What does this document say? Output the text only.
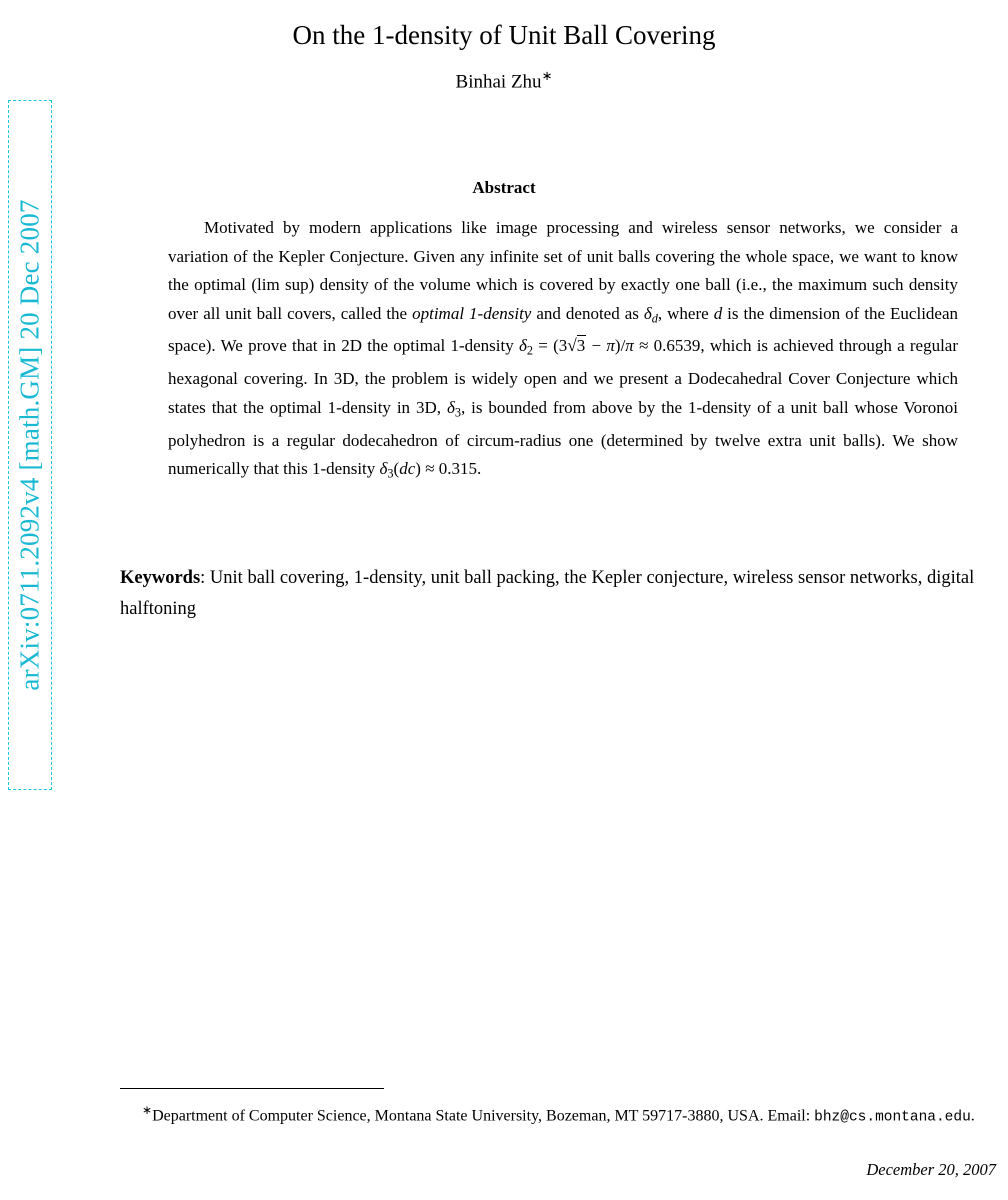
arXiv:0711.2092v4 [math.GM] 20 Dec 2007
On the 1-density of Unit Ball Covering
Binhai Zhu∗
Abstract
Motivated by modern applications like image processing and wireless sensor networks, we consider a variation of the Kepler Conjecture. Given any infinite set of unit balls covering the whole space, we want to know the optimal (lim sup) density of the volume which is covered by exactly one ball (i.e., the maximum such density over all unit ball covers, called the optimal 1-density and denoted as $\delta_d$, where d is the dimension of the Euclidean space). We prove that in 2D the optimal 1-density $\delta_2 = (3√3 - \pi)/\pi \approx 0.6539$, which is achieved through a regular hexagonal covering. In 3D, the problem is widely open and we present a Dodecahedral Cover Conjecture which states that the optimal 1-density in 3D, $\delta_3$, is bounded from above by the 1-density of a unit ball whose Voronoi polyhedron is a regular dodecahedron of circum-radius one (determined by twelve extra unit balls). We show numerically that this 1-density $\delta_3(dc) \approx 0.315$.
Keywords: Unit ball covering, 1-density, unit ball packing, the Kepler conjecture, wireless sensor networks, digital halftoning
∗Department of Computer Science, Montana State University, Bozeman, MT 59717-3880, USA. Email: bhz@cs.montana.edu.
December 20, 2007
